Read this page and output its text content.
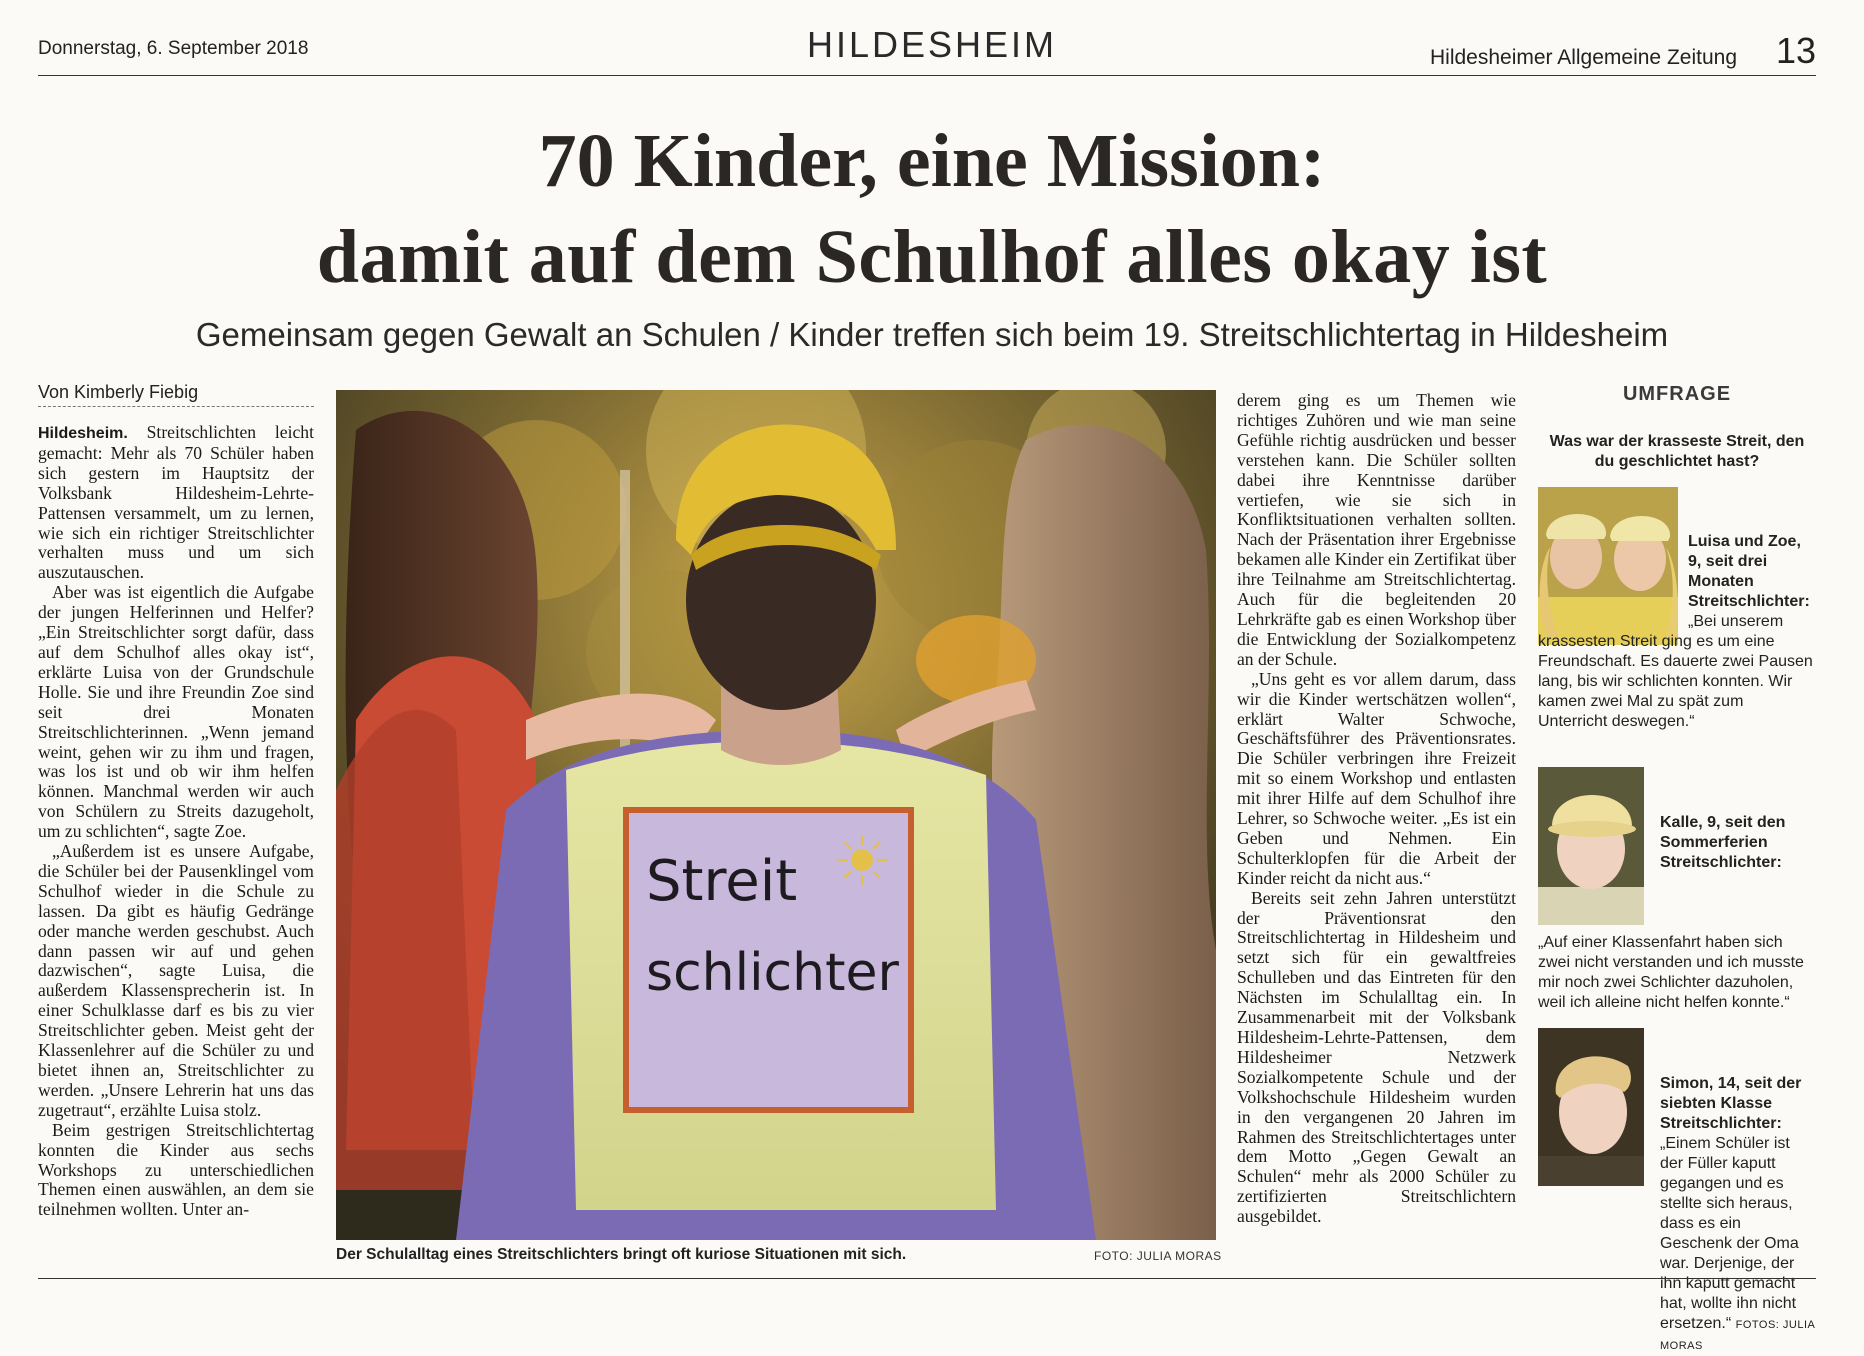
Donnerstag, 6. September 2018	HILDESHEIM	Hildesheimer Allgemeine Zeitung 13
70 Kinder, eine Mission:
damit auf dem Schulhof alles okay ist
Gemeinsam gegen Gewalt an Schulen / Kinder treffen sich beim 19. Streitschlichtertag in Hildesheim
Von Kimberly Fiebig

Hildesheim. Streitschlichten leicht gemacht: Mehr als 70 Schüler haben sich gestern im Hauptsitz der Volksbank Hildesheim-Lehrte-Pattensen versammelt, um zu lernen, wie sich ein richtiger Streitschlichter verhalten muss und um sich auszutauschen.

Aber was ist eigentlich die Aufgabe der jungen Helferinnen und Helfer? „Ein Streitschlichter sorgt dafür, dass auf dem Schulhof alles okay ist“, erklärte Luisa von der Grundschule Holle. Sie und ihre Freundin Zoe sind seit drei Monaten Streitschlichterinnen. „Wenn jemand weint, gehen wir zu ihm und fragen, was los ist und ob wir ihm helfen können. Manchmal werden wir auch von Schülern zu Streits dazugeholt, um zu schlichten“, sagte Zoe.

„Außerdem ist es unsere Aufgabe, die Schüler bei der Pausenklingel vom Schulhof wieder in die Schule zu lassen. Da gibt es häufig Gedränge oder manche werden geschubst. Auch dann passen wir auf und gehen dazwischen“, sagte Luisa, die außerdem Klassensprecherin ist. In einer Schulklasse darf es bis zu vier Streitschlichter geben. Meist geht der Klassenlehrer auf die Schüler zu und bietet ihnen an, Streitschlichter zu werden. „Unsere Lehrerin hat uns das zugetraut“, erzählte Luisa stolz.

Beim gestrigen Streitschlichtertag konnten die Kinder aus sechs Workshops zu unterschiedlichen Themen einen auswählen, an dem sie teilnehmen wollten. Unter an-

Streit
schlichter
Der Schulalltag eines Streitschlichters bringt oft kuriose Situationen mit sich.	FOTO: JULIA MORAS

derem ging es um Themen wie richtiges Zuhören und wie man seine Gefühle richtig ausdrücken und besser verstehen kann. Die Schüler sollten dabei ihre Kenntnisse darüber vertiefen, wie sie sich in Konfliktsituationen verhalten sollten. Nach der Präsentation ihrer Ergebnisse bekamen alle Kinder ein Zertifikat über ihre Teilnahme am Streitschlichtertag. Auch für die begleitenden 20 Lehrkräfte gab es einen Workshop über die Entwicklung der Sozialkompetenz an der Schule.

„Uns geht es vor allem darum, dass wir die Kinder wertschätzen wollen“, erklärt Walter Schwoche, Geschäftsführer des Präventionsrates. Die Schüler verbringen ihre Freizeit mit so einem Workshop und entlasten mit ihrer Hilfe auf dem Schulhof ihre Lehrer, so Schwoche weiter. „Es ist ein Geben und Nehmen. Ein Schulterklopfen für die Arbeit der Kinder reicht da nicht aus.“

Bereits seit zehn Jahren unterstützt der Präventionsrat den Streitschlichtertag in Hildesheim und setzt sich für ein gewaltfreies Schulleben und das Eintreten für den Nächsten im Schulalltag ein. In Zusammenarbeit mit der Volksbank Hildesheim-Lehrte-Pattensen, dem Hildesheimer Netzwerk Sozialkompetente Schule und der Volkshochschule Hildesheim wurden in den vergangenen 20 Jahren im Rahmen des Streitschlichtertages unter dem Motto „Gegen Gewalt an Schulen“ mehr als 2000 Schüler zu zertifizierten Streitschlichtern ausgebildet.

UMFRAGE
Was war der krasseste Streit, den du geschlichtet hast?
Luisa und Zoe, 9, seit drei Monaten Streitschlichter:
„Bei unserem krassesten Streit ging es um eine Freundschaft. Es dauerte zwei Pausen lang, bis wir schlichten konnten. Wir kamen zwei Mal zu spät zum Unterricht deswegen.“
Kalle, 9, seit den Sommerferien Streitschlichter:
„Auf einer Klassenfahrt haben sich zwei nicht verstanden und ich musste mir noch zwei Schlichter dazuholen, weil ich alleine nicht helfen konnte.“
Simon, 14, seit der siebten Klasse Streitschlichter: „Einem Schüler ist der Füller kaputt gegangen und es stellte sich heraus, dass es ein Geschenk der Oma war. Derjenige, der ihn kaputt gemacht hat, wollte ihn nicht ersetzen.“ FOTOS: JULIA MORAS
